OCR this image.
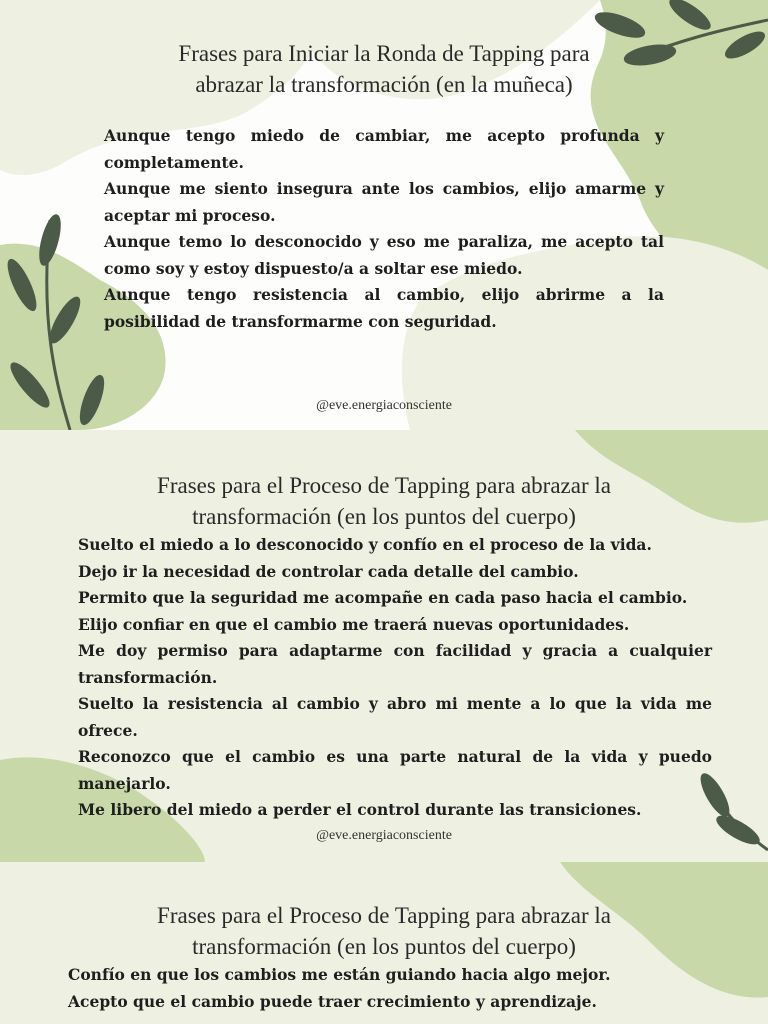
Frases para Iniciar la Ronda de Tapping para
abrazar la transformación (en la muñeca)
Aunque tengo miedo de cambiar, me acepto profunda y completamente.
Aunque me siento insegura ante los cambios, elijo amarme y aceptar mi proceso.
Aunque temo lo desconocido y eso me paraliza, me acepto tal como soy y estoy dispuesto/a a soltar ese miedo.
Aunque tengo resistencia al cambio, elijo abrirme a la posibilidad de transformarme con seguridad.
@eve.energiaconsciente
Frases para el Proceso de Tapping para abrazar la
transformación (en los puntos del cuerpo)
Suelto el miedo a lo desconocido y confío en el proceso de la vida.
Dejo ir la necesidad de controlar cada detalle del cambio.
Permito que la seguridad me acompañe en cada paso hacia el cambio.
Elijo confiar en que el cambio me traerá nuevas oportunidades.
Me doy permiso para adaptarme con facilidad y gracia a cualquier transformación.
Suelto la resistencia al cambio y abro mi mente a lo que la vida me ofrece.
Reconozco que el cambio es una parte natural de la vida y puedo manejarlo.
Me libero del miedo a perder el control durante las transiciones.
@eve.energiaconsciente
Frases para el Proceso de Tapping para abrazar la
transformación (en los puntos del cuerpo)
Confío en que los cambios me están guiando hacia algo mejor.
Acepto que el cambio puede traer crecimiento y aprendizaje.
